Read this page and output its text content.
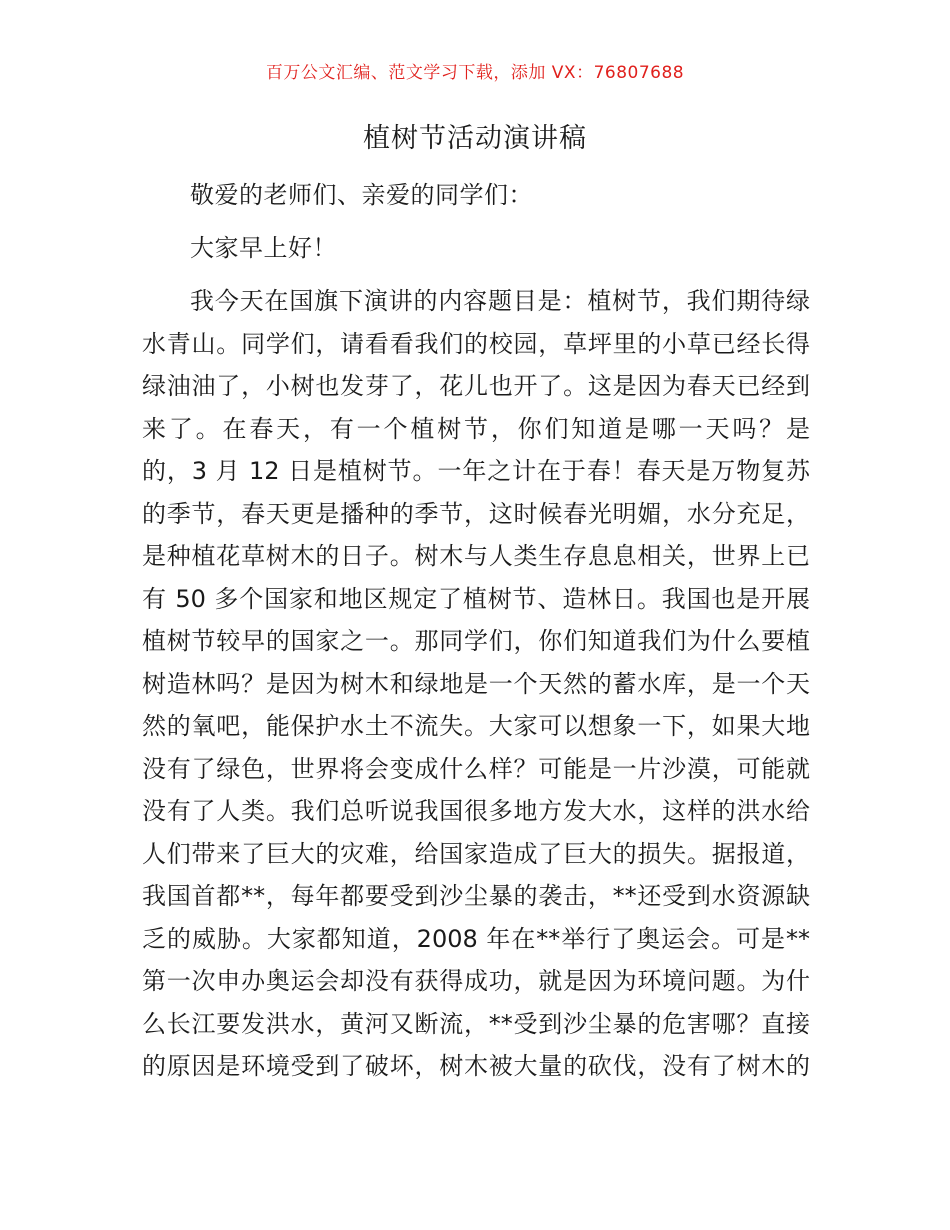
百万公文汇编、范文学习下载，添加 VX：76807688
植树节活动演讲稿
敬爱的老师们、亲爱的同学们：
大家早上好！
我今天在国旗下演讲的内容题目是：植树节，我们期待绿
水青山。同学们，请看看我们的校园，草坪里的小草已经长得
绿油油了，小树也发芽了，花儿也开了。这是因为春天已经到
来了。在春天，有一个植树节，你们知道是哪一天吗？是
的，3 月 12 日是植树节。一年之计在于春！春天是万物复苏
的季节，春天更是播种的季节，这时候春光明媚，水分充足，
是种植花草树木的日子。树木与人类生存息息相关，世界上已
有 50 多个国家和地区规定了植树节、造林日。我国也是开展
植树节较早的国家之一。那同学们，你们知道我们为什么要植
树造林吗？是因为树木和绿地是一个天然的蓄水库，是一个天
然的氧吧，能保护水土不流失。大家可以想象一下，如果大地
没有了绿色，世界将会变成什么样？可能是一片沙漠，可能就
没有了人类。我们总听说我国很多地方发大水，这样的洪水给
人们带来了巨大的灾难，给国家造成了巨大的损失。据报道，
我国首都**，每年都要受到沙尘暴的袭击，**还受到水资源缺
乏的威胁。大家都知道，2008 年在**举行了奥运会。可是**
第一次申办奥运会却没有获得成功，就是因为环境问题。为什
么长江要发洪水，黄河又断流，**受到沙尘暴的危害哪？直接
的原因是环境受到了破坏，树木被大量的砍伐，没有了树木的
